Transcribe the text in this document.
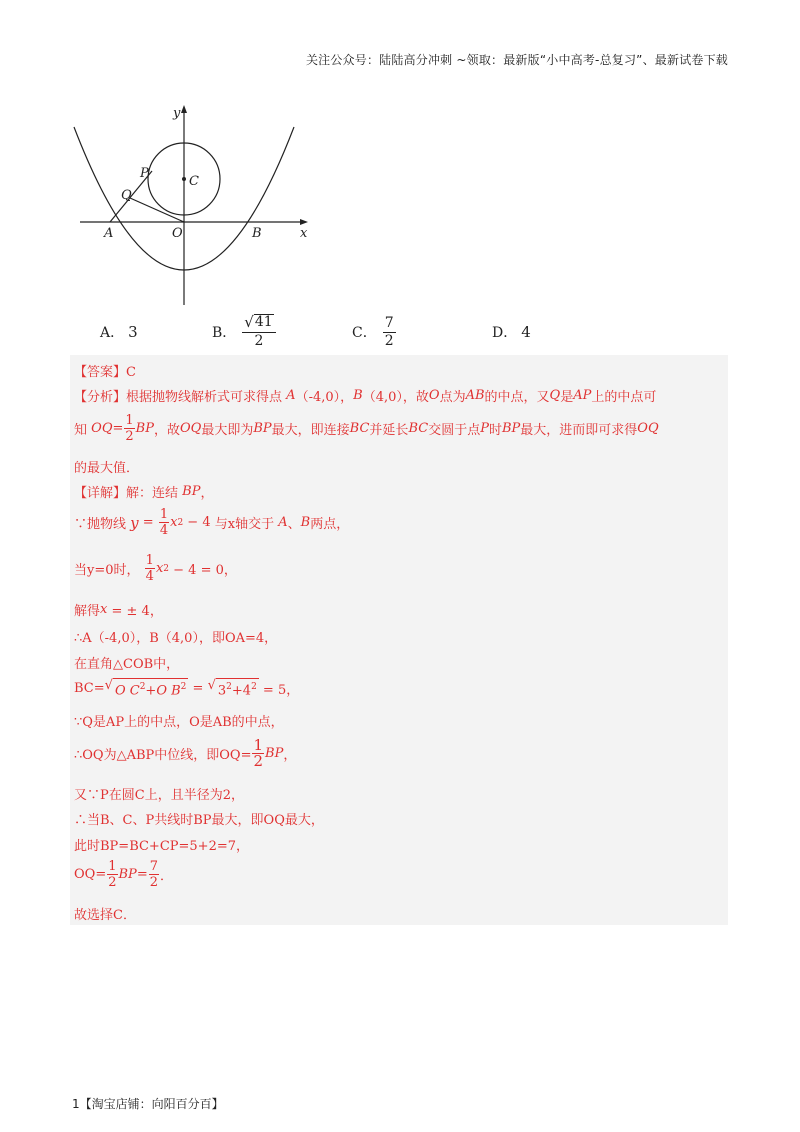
关注公众号：陆陆高分冲刺 ~领取：最新版“小中高考-总复习”、最新试卷下载
y
x
P
Q
C
A	O	B
A． 3	B． $\frac{√ 41}{2}$	C． $\frac{7}{2}$	D． 4
【答案】C
【分析】 根据抛物线解析式可求得点
A （-4,0）， B （4,0），故 O 点为 AB 的中点，又 Q 是 AP 上的中点可
知
OQ =
1
2
BP ，故 OQ 最大即为 BP 最大，即连接 BC 并延长 BC 交圆于点 P 时 BP 最大，进而即可求得 OQ
的最大值．
【详解】 解：连结
BP ，
∵抛物线
y =
1
4
x 2 − 4 与x轴交于
A 、 B 两点，
当y=0时，

1
4
x 2 − 4 = 0，
解得 x = ± 4，
∴A（-4,0），B（4,0），即OA=4，
在直角△COB中，
BC= √ O $C^2+O$ $B^2$ = √ $3^2+4^2 = 5$，
∵Q是AP上的中点，O是AB的中点，
∴OQ为△ABP中位线，即$OQ= \frac{1}{2}$ BP ，
又∵P在圆C上，且半径为2，
∴当B、C、P共线时BP最大，即OQ最大，
此时BP=BC+CP=5+2=7，
$OQ= \frac{1}{2}$ BP =
7
2 ．
故选择C．
1【淘宝店铺：向阳百分百】
